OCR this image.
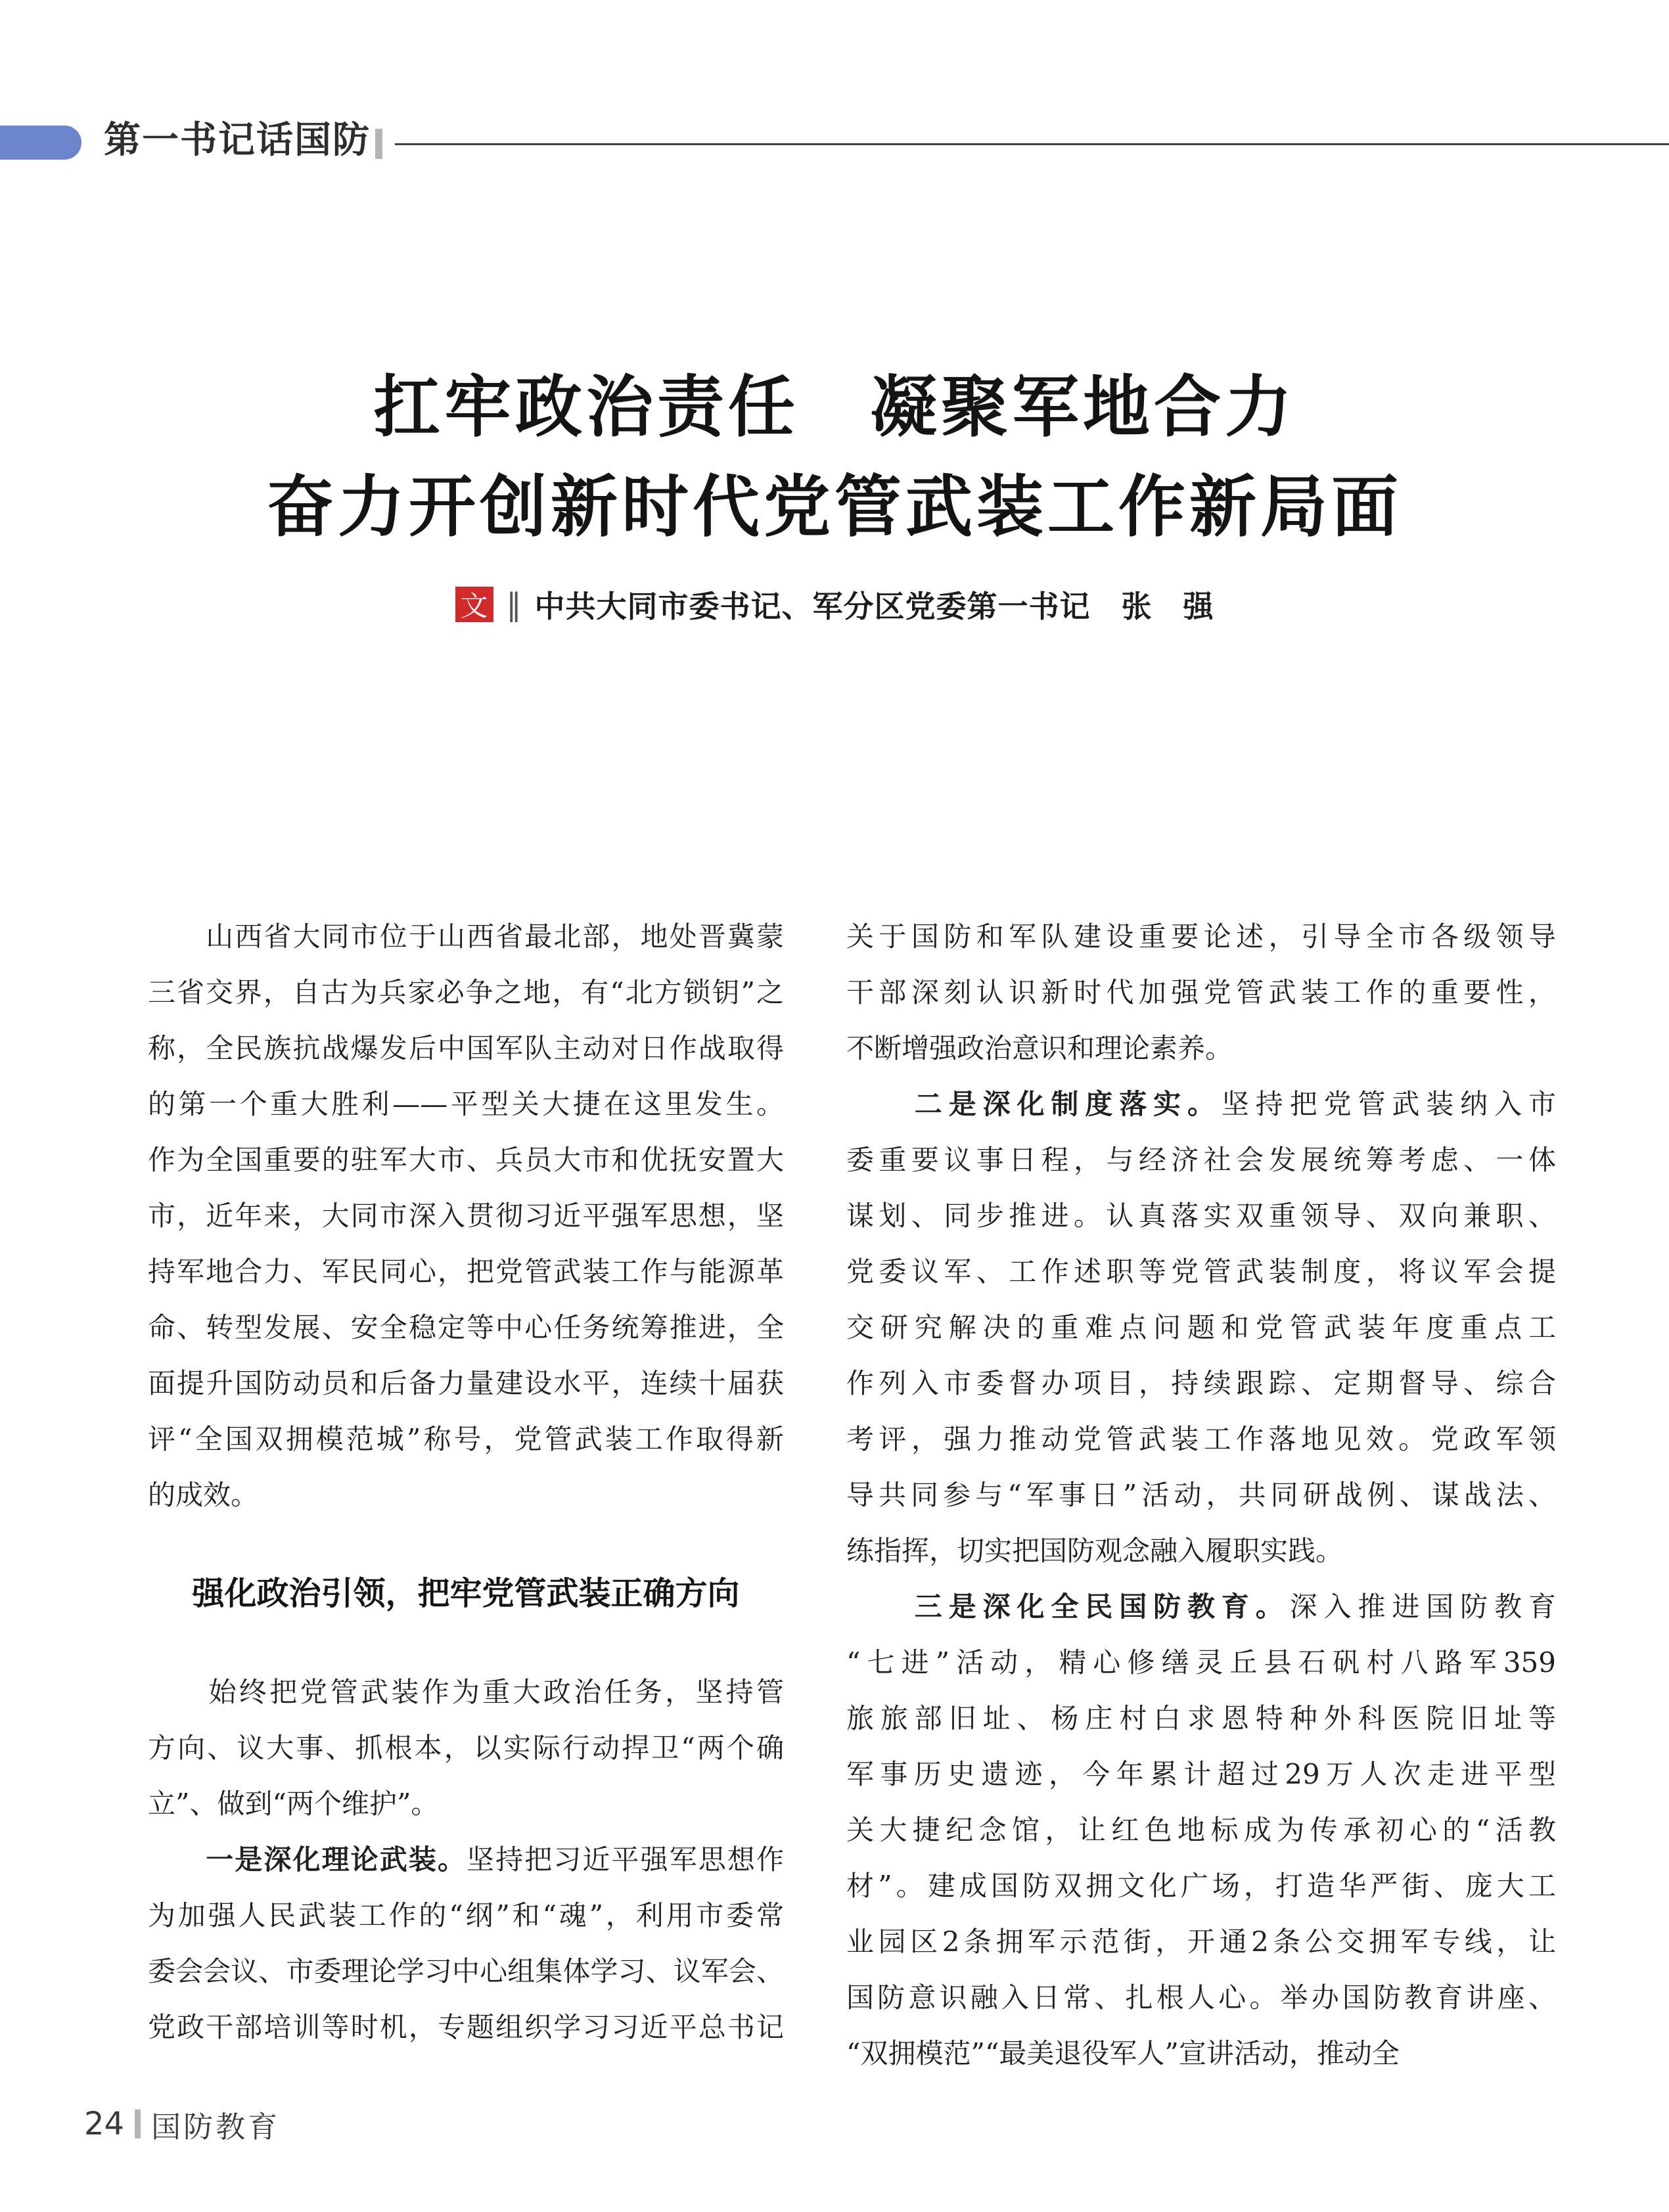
第一书记话国防
扛牢政治责任　凝聚军地合力
奋力开创新时代党管武装工作新局面
文 ‖ 中共大同市委书记、军分区党委第一书记　张　强
　　山西省大同市位于山西省最北部，地处晋冀蒙
三省交界，自古为兵家必争之地，有“北方锁钥”之
称，全民族抗战爆发后中国军队主动对日作战取得
的第一个重大胜利——平型关大捷在这里发生。
作为全国重要的驻军大市、兵员大市和优抚安置大
市，近年来，大同市深入贯彻习近平强军思想，坚
持军地合力、军民同心，把党管武装工作与能源革
命、转型发展、安全稳定等中心任务统筹推进，全
面提升国防动员和后备力量建设水平，连续十届获
评“全国双拥模范城”称号，党管武装工作取得新
的成效。
强化政治引领，把牢党管武装正确方向
　　始终把党管武装作为重大政治任务，坚持管
方向、议大事、抓根本，以实际行动捍卫“两个确
立”、做到“两个维护”。
　　一是深化理论武装。坚持把习近平强军思想作
为加强人民武装工作的“纲”和“魂”，利用市委常
委会会议、市委理论学习中心组集体学习、议军会、
党政干部培训等时机，专题组织学习习近平总书记
关于国防和军队建设重要论述，引导全市各级领导
干部深刻认识新时代加强党管武装工作的重要性，
不断增强政治意识和理论素养。
　　二是深化制度落实。坚持把党管武装纳入市
委重要议事日程，与经济社会发展统筹考虑、一体
谋划、同步推进。认真落实双重领导、双向兼职、
党委议军、工作述职等党管武装制度，将议军会提
交研究解决的重难点问题和党管武装年度重点工
作列入市委督办项目，持续跟踪、定期督导、综合
考评，强力推动党管武装工作落地见效。党政军领
导共同参与“军事日”活动，共同研战例、谋战法、
练指挥，切实把国防观念融入履职实践。
　　三是深化全民国防教育。深入推进国防教育
“七进”活动，精心修缮灵丘县石矾村八路军359
旅旅部旧址、杨庄村白求恩特种外科医院旧址等
军事历史遗迹，今年累计超过29万人次走进平型
关大捷纪念馆，让红色地标成为传承初心的“活教
材”。建成国防双拥文化广场，打造华严街、庞大工
业园区2条拥军示范街，开通2条公交拥军专线，让
国防意识融入日常、扎根人心。举办国防教育讲座、
“双拥模范”“最美退役军人”宣讲活动，推动全
24 国防教育
